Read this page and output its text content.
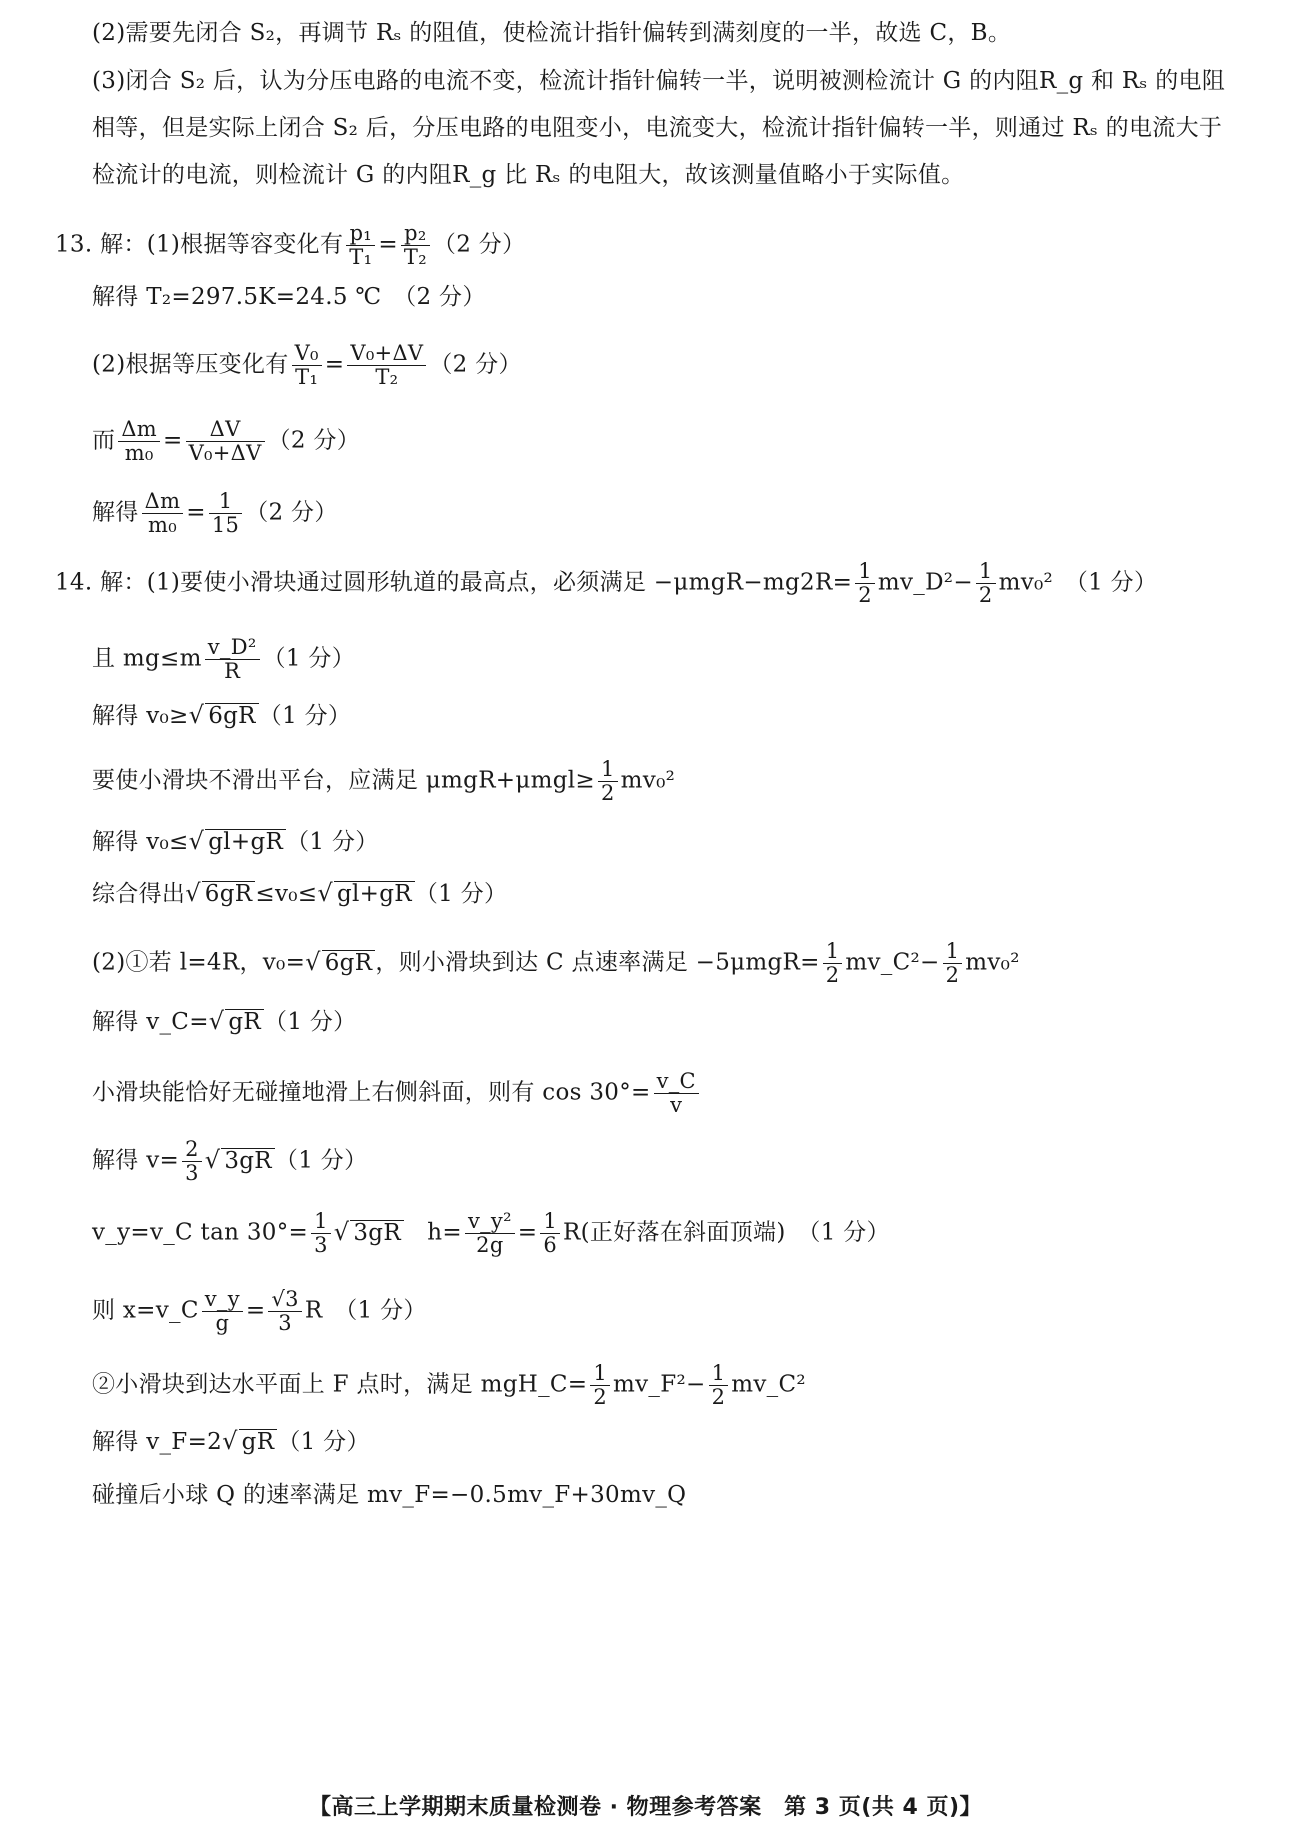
(2)需要先闭合 S₂，再调节 Rₛ 的阻值，使检流计指针偏转到满刻度的一半，故选 C，B。
(3)闭合 S₂ 后，认为分压电路的电流不变，检流计指针偏转一半，说明被测检流计 G 的内阻R_g 和 Rₛ 的电阻
相等，但是实际上闭合 S₂ 后，分压电路的电阻变小，电流变大，检流计指针偏转一半，则通过 Rₛ 的电流大于
检流计的电流，则检流计 G 的内阻R_g 比 Rₛ 的电阻大，故该测量值略小于实际值。
13. 解：(1)根据等容变化有 $\frac{\text{p₁}}{\text{T₁}} = \frac{\text{p₂}}{\text{T₂}} (2$ 分）
解得 T₂=297.5K=24.5 ℃　（2 分）
(2)根据等压变化有 $\frac{\text{V₀}}{\text{T₁}} = \frac{\text{V₀+ΔV}}{\text{T₂}} (2$ 分）
而 $\frac{\Delta m}{\text{m₀}} = \frac{\Delta V}{\text{V₀+ΔV}} (2$ 分）
解得 $\frac{\Delta m}{\text{m₀}} = \frac{1}{15} (2$ 分）
14. 解：(1)要使小滑块通过圆形轨道的最高点，必须满足 $-\mu mgR-mg2R= \frac{1}{2}$ mv_D²− $\frac{1}{2} mv_0^2$　（1 分）
且 $mg\le m \frac{\text{v\_D²}}{R} (1$ 分）
解得 v₀≥ √ 6gR （1 分）
要使小滑块不滑出平台，应满足 $\mu mgR+\mu mgl\ge \frac{1}{2} mv_0^2$
解得 v₀≤ √ gl+gR （1 分）
综合得出 √ 6gR ≤v₀≤ √ gl+gR （1 分）
(2)①若 l=4R，v₀= √ 6gR ，则小滑块到达 C 点速率满足 $-5\mu mgR= \frac{1}{2}$ mv_C²− $\frac{1}{2} mv_0^2$
解得 v_C= √ gR （1 分）
小滑块能恰好无碰撞地滑上右侧斜面，则有 $\cos 30^\circ= \frac{v\_C}{v}$
解得 $v= \frac{2}{3}$ √ 3gR （1 分）
v_y=v_C $\tan 30^\circ= \frac{1}{3}$ √ 3gR　$h= \frac{\text{v\_y²}}{2g} = \frac{1}{6} R$(正好落在斜面顶端)　（1 分）
则 x=v_C $\frac{v\_y}{g} = \frac{√3}{3}$ R　（1 分）
②小滑块到达水平面上 F 点时，满足 mgH_C= $\frac{1}{2}$ mv_F²− $\frac{1}{2}$ mv_C²
解得 v_F=2 √ gR （1 分）
碰撞后小球 Q 的速率满足 mv_F=−0.5mv_F+30mv_Q
【高三上学期期末质量检测卷 · 物理参考答案　第 3 页(共 4 页)】
